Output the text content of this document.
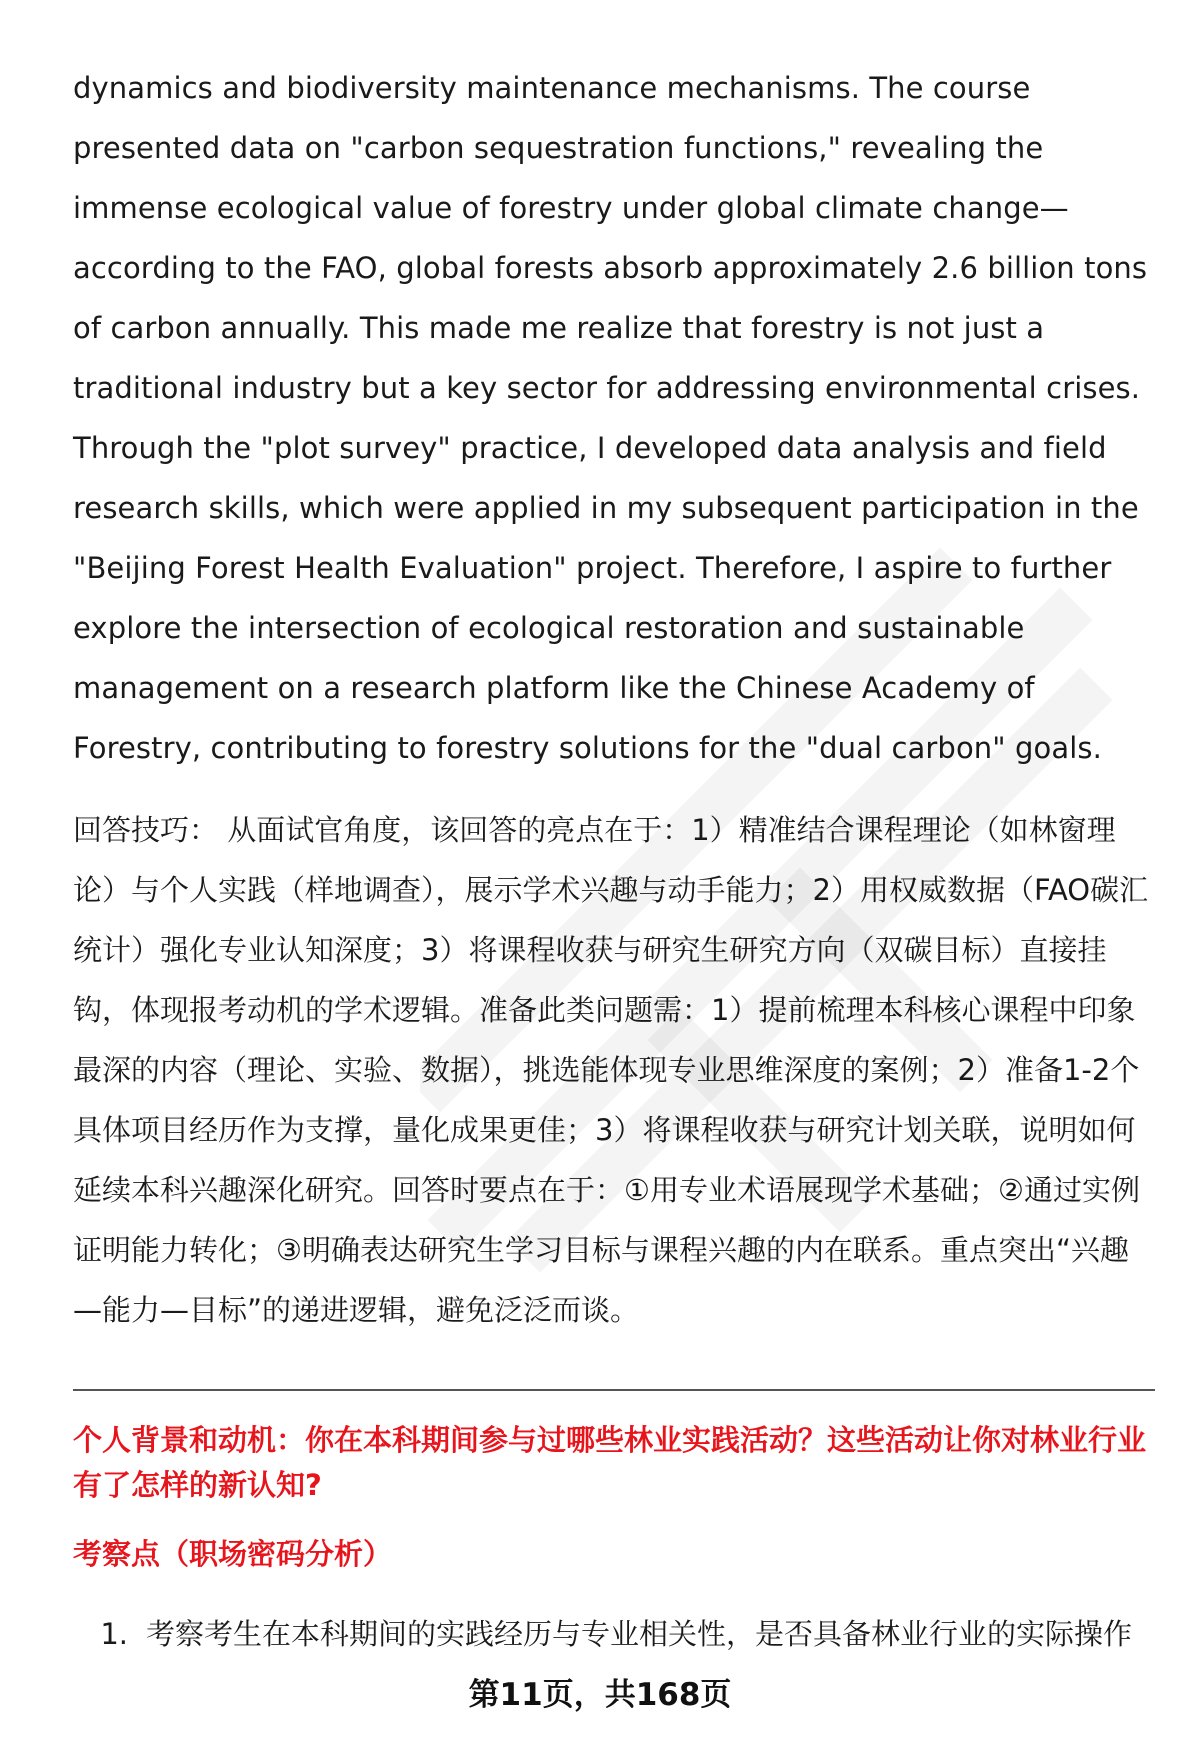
dynamics and biodiversity maintenance mechanisms. The course presented data on "carbon sequestration functions," revealing the immense ecological value of forestry under global climate change—according to the FAO, global forests absorb approximately 2.6 billion tons of carbon annually. This made me realize that forestry is not just a traditional industry but a key sector for addressing environmental crises. Through the "plot survey" practice, I developed data analysis and field research skills, which were applied in my subsequent participation in the "Beijing Forest Health Evaluation" project. Therefore, I aspire to further explore the intersection of ecological restoration and sustainable management on a research platform like the Chinese Academy of Forestry, contributing to forestry solutions for the "dual carbon" goals.

回答技巧： 从面试官角度，该回答的亮点在于：1）精准结合课程理论（如林窗理论）与个人实践（样地调查），展示学术兴趣与动手能力；2）用权威数据（FAO碳汇统计）强化专业认知深度；3）将课程收获与研究生研究方向（双碳目标）直接挂钩，体现报考动机的学术逻辑。准备此类问题需：1）提前梳理本科核心课程中印象最深的内容（理论、实验、数据），挑选能体现专业思维深度的案例；2）准备1-2个具体项目经历作为支撑，量化成果更佳；3）将课程收获与研究计划关联，说明如何延续本科兴趣深化研究。回答时要点在于：①用专业术语展现学术基础；②通过实例证明能力转化；③明确表达研究生学习目标与课程兴趣的内在联系。重点突出“兴趣—能力—目标”的递进逻辑，避免泛泛而谈。

个人背景和动机：你在本科期间参与过哪些林业实践活动？这些活动让你对林业行业有了怎样的新认知?

考察点（职场密码分析）

1. 考察考生在本科期间的实践经历与专业相关性，是否具备林业行业的实际操作
第11页，共168页
